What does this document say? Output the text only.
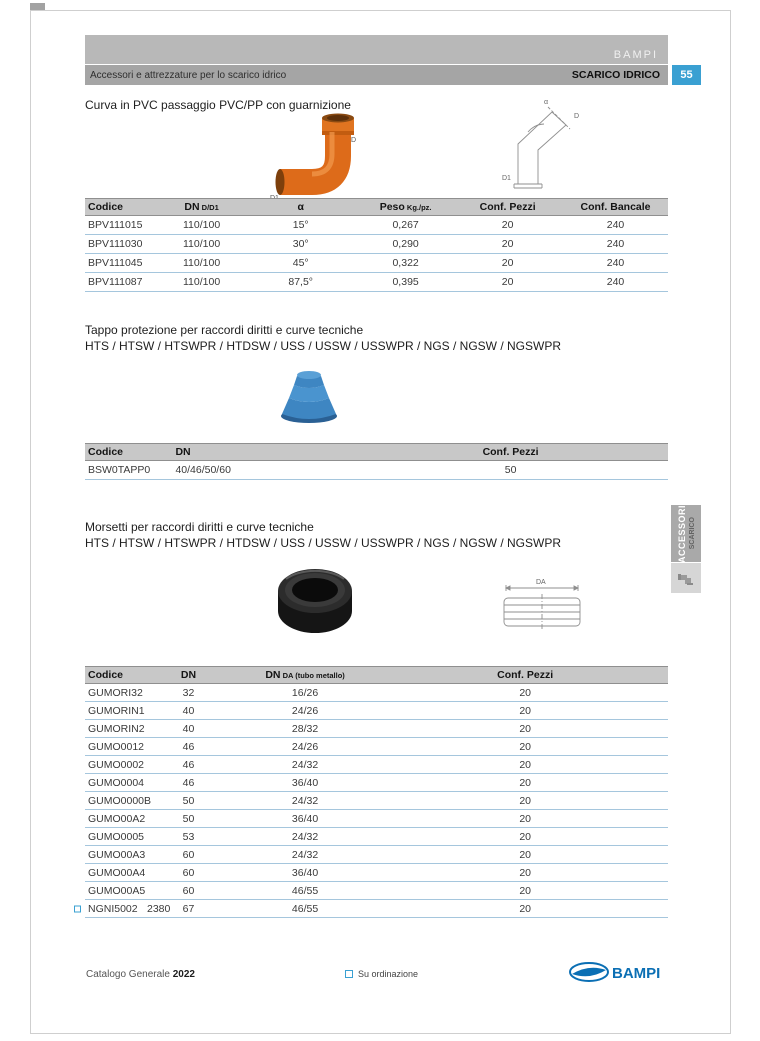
BAMPI
Accessori e attrezzature per lo scarico idrico	SCARICO IDRICO	55
Curva in PVC passaggio PVC/PP con guarnizione
D
α
D
D1
Codice	DN D/D1	α	Peso Kg./pz.	Conf. Pezzi	Conf. Bancale
BPV111015	110/100	15°	0,267	20	240
BPV111030	110/100	30°	0,290	20	240
BPV111045	110/100	45°	0,322	20	240
BPV111087	110/100	87,5°	0,395	20	240
Tappo protezione per raccordi diritti e curve tecniche
HTS / HTSW / HTSWPR / HTDSW / USS / USSW / USSWPR / NGS / NGSW / NGSWPR
Codice	DN	Conf. Pezzi
BSW0TAPP0	40/46/50/60	50
Morsetti per raccordi diritti e curve tecniche
HTS / HTSW / HTSWPR / HTDSW / USS / USSW / USSWPR / NGS / NGSW / NGSWPR
DA
Codice	DN	DN DA (tubo metallo)	Conf. Pezzi
GUMORI32	32	16/26	20
GUMORIN1	40	24/26	20
GUMORIN2	40	28/32	20
GUMO0012	46	24/26	20
GUMO0002	46	24/32	20
GUMO0004	46	36/40	20
GUMO0000B	50	24/32	20
GUMO00A2	50	36/40	20
GUMO0005	53	24/32	20
GUMO00A3	60	24/32	20
GUMO00A4	60	36/40	20
GUMO00A5	60	46/55	20

NGNI5002 2380	67	46/55	20
ACCESSORI SCARICO
Catalogo Generale 2022	Su ordinazione	BAMPI
